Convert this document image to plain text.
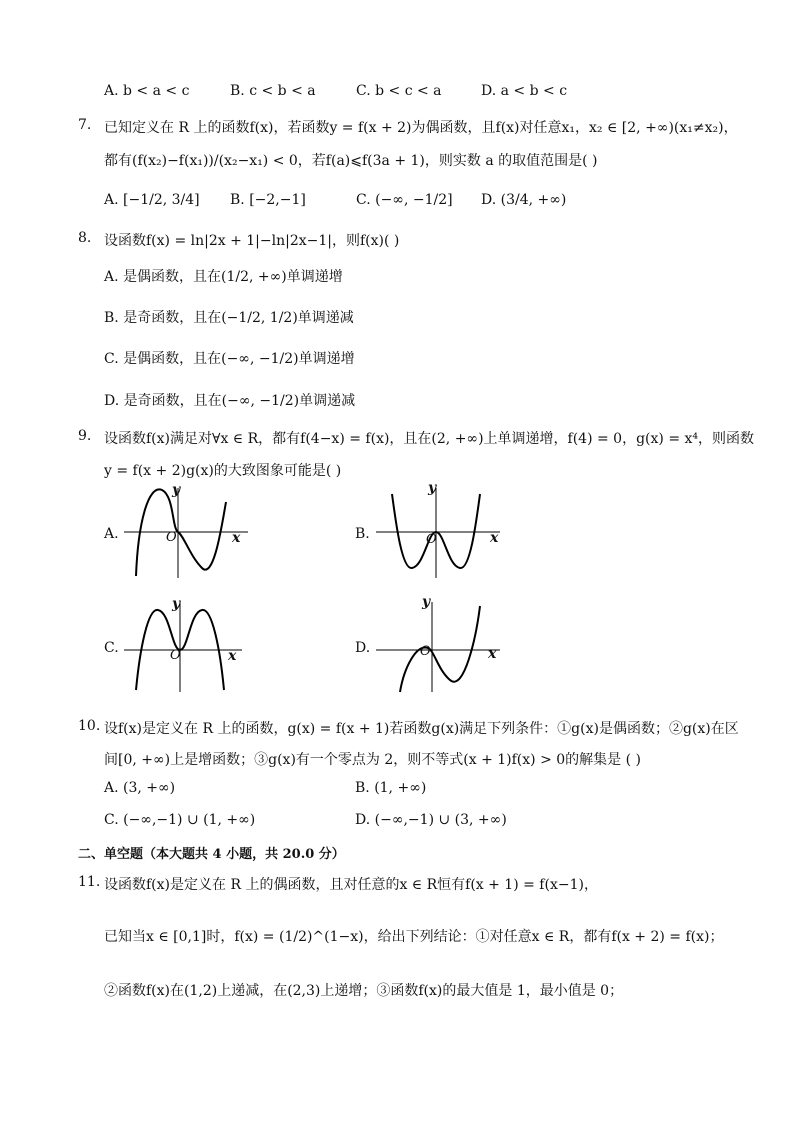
A. b < a < c	B. c < b < a	C. b < c < a	D. a < b < c
7. 已知定义在 R 上的函数f(x)，若函数y = f(x + 2)为偶函数，且f(x)对任意x₁，x₂ ∈ [2, +∞)(x₁≠x₂)，
都有(f(x₂)−f(x₁))/(x₂−x₁) < 0，若f(a)⩽f(3a + 1)，则实数 a 的取值范围是( )
A. [−1/2, 3/4] B. [−2,−1]	C. (−∞, −1/2] D. (3/4, +∞)
8. 设函数f(x) = ln|2x + 1|−ln|2x−1|，则f(x)( )
A. 是偶函数，且在(1/2, +∞)单调递增
B. 是奇函数，且在(−1/2, 1/2)单调递减
C. 是偶函数，且在(−∞, −1/2)单调递增
D. 是奇函数，且在(−∞, −1/2)单调递减
9. 设函数f(x)满足对∀x ∈ R，都有f(4−x) = f(x)，且在(2, +∞)上单调递增，f(4) = 0，g(x) = x⁴，则函数
y = f(x + 2)g(x)的大致图象可能是( )
A.
y
x
O	B.
y
x
O
C.
y
x
O	D.
y
x
O
10. 设f(x)是定义在 R 上的函数，g(x) = f(x + 1)若函数g(x)满足下列条件：①g(x)是偶函数；②g(x)在区
间[0, +∞)上是增函数；③g(x)有一个零点为 2，则不等式(x + 1)f(x) > 0的解集是 ( )
A. (3, +∞)	B. (1, +∞)
C. (−∞,−1) ∪ (1, +∞)	D. (−∞,−1) ∪ (3, +∞)
二、单空题（本大题共 4 小题，共 20.0 分）
11. 设函数f(x)是定义在 R 上的偶函数，且对任意的x ∈ R恒有f(x + 1) = f(x−1)，
已知当x ∈ [0,1]时，f(x) = (1/2)^(1−x)，给出下列结论：①对任意x ∈ R，都有f(x + 2) = f(x)；
②函数f(x)在(1,2)上递减，在(2,3)上递增；③函数f(x)的最大值是 1，最小值是 0；
